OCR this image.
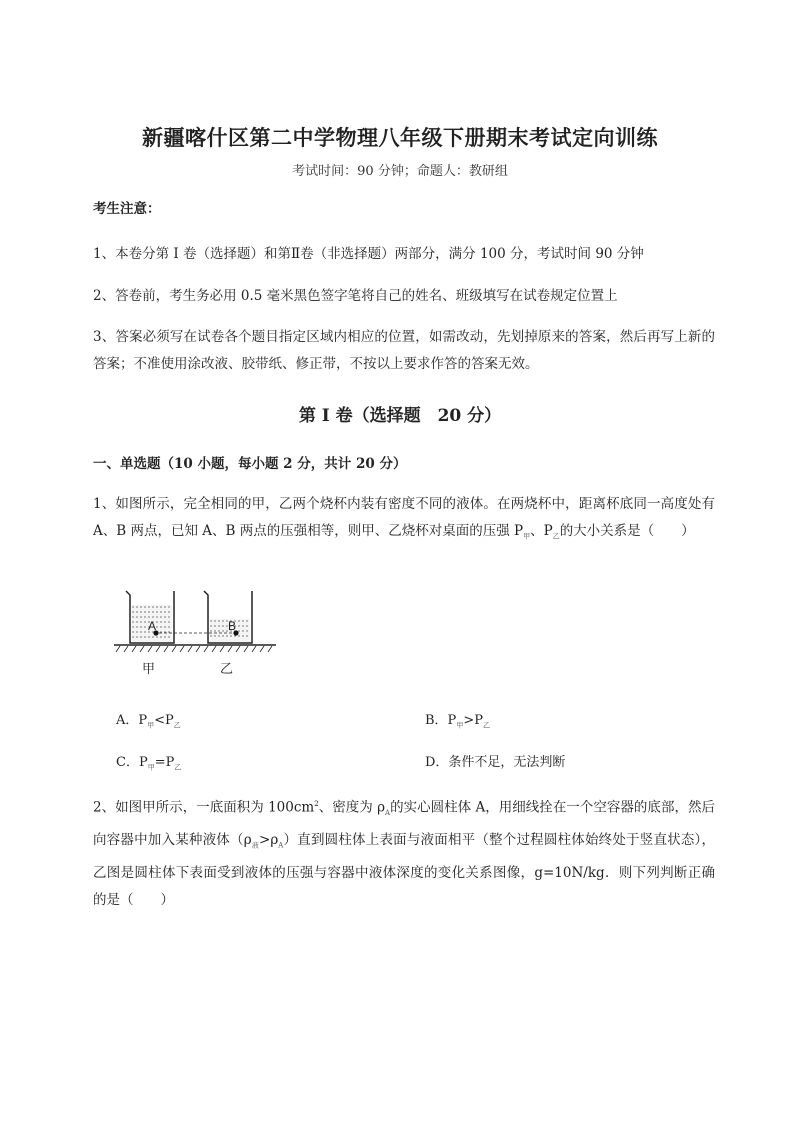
新疆喀什区第二中学物理八年级下册期末考试定向训练
考试时间：90 分钟；命题人：教研组
考生注意：
1、本卷分第 I 卷（选择题）和第Ⅱ卷（非选择题）两部分，满分 100 分，考试时间 90 分钟
2、答卷前，考生务必用 0.5 毫米黑色签字笔将自己的姓名、班级填写在试卷规定位置上
3、答案必须写在试卷各个题目指定区域内相应的位置，如需改动，先划掉原来的答案，然后再写上新的答案；不准使用涂改液、胶带纸、修正带，不按以上要求作答的答案无效。
第 I 卷（选择题　20 分）
一、单选题（10 小题，每小题 2 分，共计 20 分）
1、如图所示，完全相同的甲，乙两个烧杯内装有密度不同的液体。在两烧杯中，距离杯底同一高度处有 A、B 两点，已知 A、B 两点的压强相等，则甲、乙烧杯对桌面的压强 $P_甲$、$P_乙$的大小关系是（　　）
A	B
甲	乙
A．$P_甲<P_乙$	B．$P_甲>P_乙$
C．$P_甲=P_乙$	D．条件不足，无法判断
2、如图甲所示，一底面积为 $100cm^2$、密度为 $\rho_A$的实心圆柱体 A，用细线拴在一个空容器的底部，然后向容器中加入某种液体$(\rho_液>\rho_A)$直到圆柱体上表面与液面相平（整个过程圆柱体始终处于竖直状态），乙图是圆柱体下表面受到液体的压强与容器中液体深度的变化关系图像，g=10N/kg．则下列判断正确的是（　　）
